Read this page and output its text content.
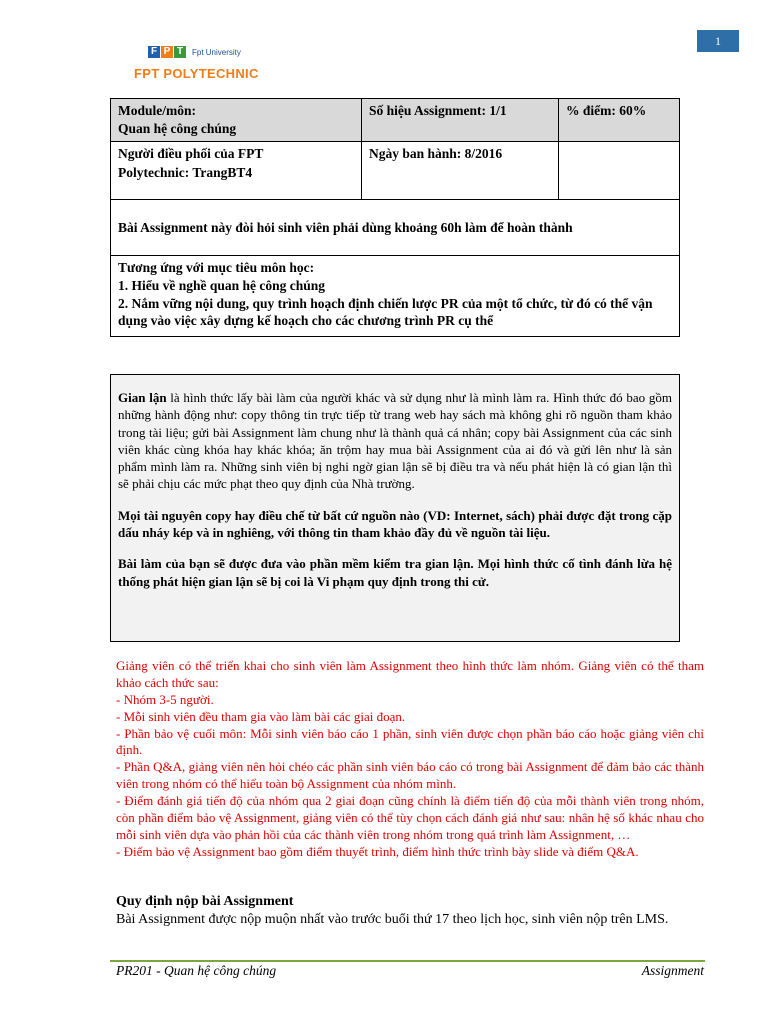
1
F P T	Fpt University
FPT POLYTECHNIC
Module/môn:
Quan hệ công chúng	Số hiệu Assignment: 1/1	% điểm: 60%

Người điều phối của FPT
Polytechnic: TrangBT4	Ngày ban hành: 8/2016	

Bài Assignment này đòi hỏi sinh viên phải dùng khoảng 60h làm để hoàn thành		

Tương ứng với mục tiêu môn học:
1. Hiểu về nghề quan hệ công chúng
2. Nắm vững nội dung, quy trình hoạch định chiến lược PR của một tổ chức, từ đó có thể vận dụng vào việc xây dựng kế hoạch cho các chương trình PR cụ thể		

Gian lận là hình thức lấy bài làm của người khác và sử dụng như là mình làm ra. Hình thức đó bao gồm những hành động như: copy thông tin trực tiếp từ trang web hay sách mà không ghi rõ nguồn tham khảo trong tài liệu; gửi bài Assignment làm chung như là thành quả cá nhân; copy bài Assignment của các sinh viên khác cùng khóa hay khác khóa; ăn trộm hay mua bài Assignment của ai đó và gửi lên như là sản phẩm mình làm ra. Những sinh viên bị nghi ngờ gian lận sẽ bị điều tra và nếu phát hiện là có gian lận thì sẽ phải chịu các mức phạt theo quy định của Nhà trường.

Mọi tài nguyên copy hay điều chế từ bất cứ nguồn nào (VD: Internet, sách) phải được đặt trong cặp dấu nháy kép và in nghiêng, với thông tin tham khảo đầy đủ về nguồn tài liệu.

Bài làm của bạn sẽ được đưa vào phần mềm kiểm tra gian lận. Mọi hình thức cố tình đánh lừa hệ thống phát hiện gian lận sẽ bị coi là Vi phạm quy định trong thi cử.

Giảng viên có thể triển khai cho sinh viên làm Assignment theo hình thức làm nhóm. Giảng viên có thể tham khảo cách thức sau:
- Nhóm 3-5 người.
- Mỗi sinh viên đều tham gia vào làm bài các giai đoạn.
- Phần bảo vệ cuối môn: Mỗi sinh viên báo cáo 1 phần, sinh viên được chọn phần báo cáo hoặc giảng viên chỉ định.
- Phần Q&A, giảng viên nên hỏi chéo các phần sinh viên báo cáo có trong bài Assignment để đảm bảo các thành viên trong nhóm có thể hiểu toàn bộ Assignment của nhóm mình.
- Điểm đánh giá tiến độ của nhóm qua 2 giai đoạn cũng chính là điểm tiến độ của mỗi thành viên trong nhóm, còn phần điểm bảo vệ Assignment, giảng viên có thể tùy chọn cách đánh giá như sau: nhân hệ số khác nhau cho mỗi sinh viên dựa vào phản hồi của các thành viên trong nhóm trong quá trình làm Assignment, …
- Điểm bảo vệ Assignment bao gồm điểm thuyết trình, điểm hình thức trình bày slide và điểm Q&A.
Quy định nộp bài Assignment
Bài Assignment được nộp muộn nhất vào trước buổi thứ 17 theo lịch học, sinh viên nộp trên LMS.
PR201 - Quan hệ công chúng	Assignment
